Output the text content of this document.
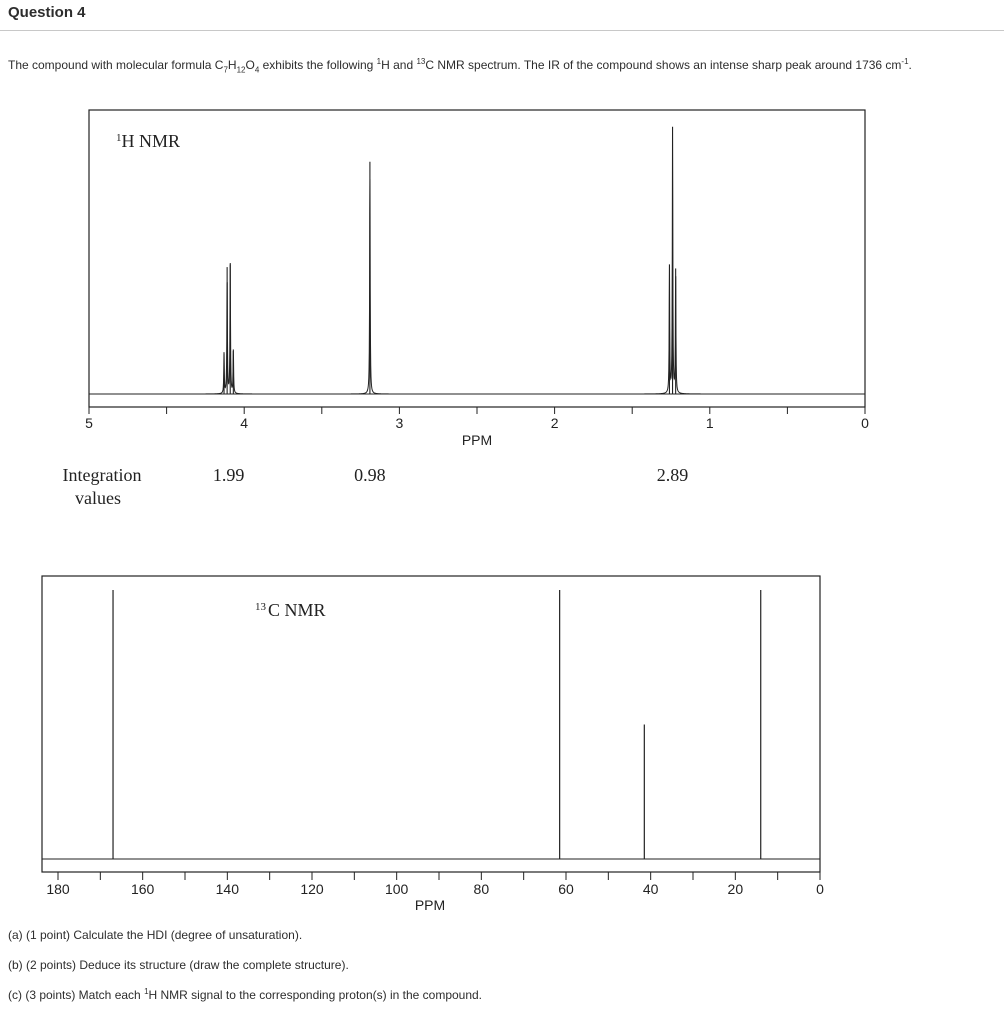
Question 4
The compound with molecular formula $C_7H_{12}O_4$ exhibits the following $^1$H and $^{13}$C NMR spectrum. The IR of the compound shows an intense sharp peak around 1736 $cm^{-1}$.
$^1$H NMR
5	4	3	2	1	0
PPM
Integration
values
1.99	0.98	2.89
$^{13}$ C NMR
180	160	140	120	100	80	60	40	20	0
PPM
(a) (1 point) Calculate the HDI (degree of unsaturation).
(b) (2 points) Deduce its structure (draw the complete structure).
(c) (3 points) Match each $^1$H NMR signal to the corresponding proton(s) in the compound.
